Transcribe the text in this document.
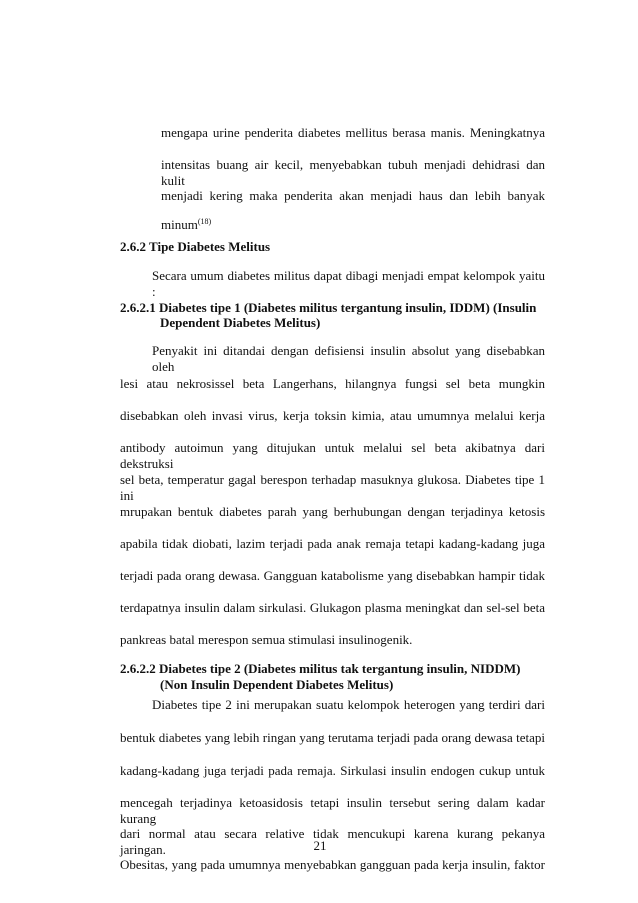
mengapa urine penderita diabetes mellitus berasa manis. Meningkatnya

intensitas buang air kecil, menyebabkan tubuh menjadi dehidrasi dan kulit

menjadi kering maka penderita akan menjadi haus dan lebih banyak

minum$^{(18)}$

2.6.2 Tipe Diabetes Melitus

Secara umum diabetes militus dapat dibagi menjadi empat kelompok yaitu :

2.6.2.1 Diabetes tipe 1 (Diabetes militus tergantung insulin, IDDM) (Insulin
Dependent Diabetes Melitus)

Penyakit ini ditandai dengan defisiensi insulin absolut yang disebabkan oleh

lesi atau nekrosissel beta Langerhans, hilangnya fungsi sel beta mungkin

disebabkan oleh invasi virus, kerja toksin kimia, atau umumnya melalui kerja

antibody autoimun yang ditujukan untuk melalui sel beta akibatnya dari dekstruksi

sel beta, temperatur gagal berespon terhadap masuknya glukosa. Diabetes tipe 1 ini

mrupakan bentuk diabetes parah yang berhubungan dengan terjadinya ketosis

apabila tidak diobati, lazim terjadi pada anak remaja tetapi kadang-kadang juga

terjadi pada orang dewasa. Gangguan katabolisme yang disebabkan hampir tidak

terdapatnya insulin dalam sirkulasi. Glukagon plasma meningkat dan sel-sel beta

pankreas batal merespon semua stimulasi insulinogenik.

2.6.2.2 Diabetes tipe 2 (Diabetes militus tak tergantung insulin, NIDDM)
(Non Insulin Dependent Diabetes Melitus)

Diabetes tipe 2 ini merupakan suatu kelompok heterogen yang terdiri dari

bentuk diabetes yang lebih ringan yang terutama terjadi pada orang dewasa tetapi

kadang-kadang juga terjadi pada remaja. Sirkulasi insulin endogen cukup untuk

mencegah terjadinya ketoasidosis tetapi insulin tersebut sering dalam kadar kurang

dari normal atau secara relative tidak mencukupi karena kurang pekanya jaringan.

Obesitas, yang pada umumnya menyebabkan gangguan pada kerja insulin, faktor

21
